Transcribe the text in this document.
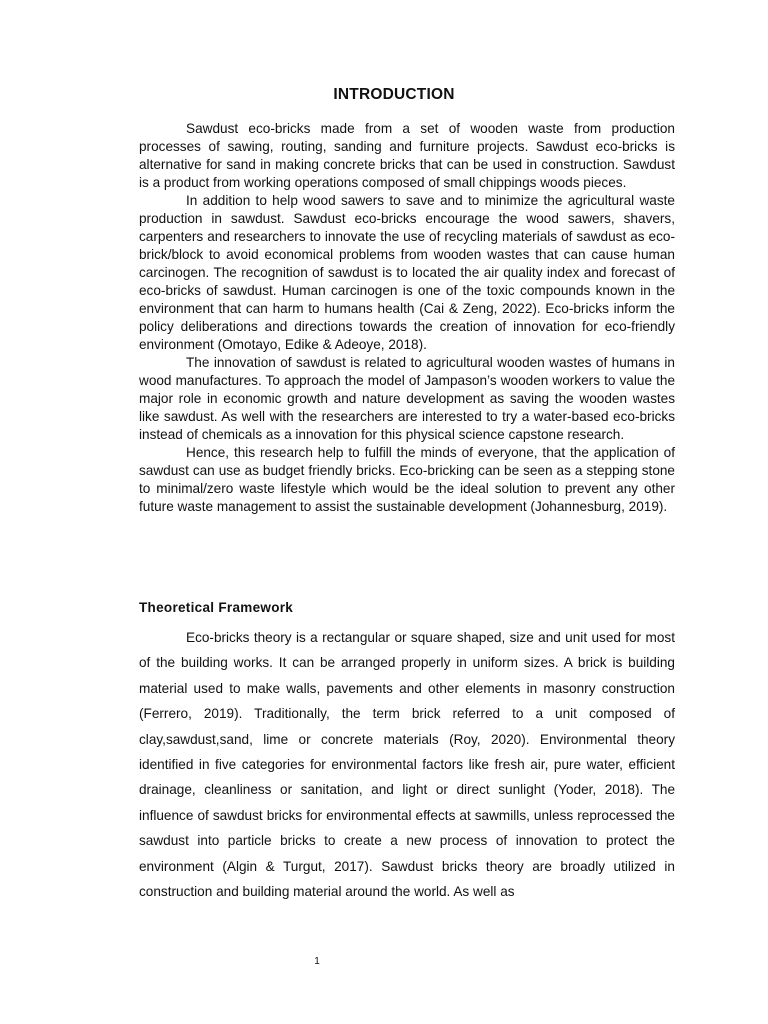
INTRODUCTION

Sawdust eco-bricks made from a set of wooden waste from production processes of sawing, routing, sanding and furniture projects. Sawdust eco-bricks is alternative for sand in making concrete bricks that can be used in construction. Sawdust is a product from working operations composed of small chippings woods pieces.

In addition to help wood sawers to save and to minimize the agricultural waste production in sawdust. Sawdust eco-bricks encourage the wood sawers, shavers, carpenters and researchers to innovate the use of recycling materials of sawdust as eco-brick/block to avoid economical problems from wooden wastes that can cause human carcinogen. The recognition of sawdust is to located the air quality index and forecast of eco-bricks of sawdust. Human carcinogen is one of the toxic compounds known in the environment that can harm to humans health (Cai & Zeng, 2022). Eco-bricks inform the policy deliberations and directions towards the creation of innovation for eco-friendly environment (Omotayo, Edike & Adeoye, 2018).

The innovation of sawdust is related to agricultural wooden wastes of humans in wood manufactures. To approach the model of Jampason’s wooden workers to value the major role in economic growth and nature development as saving the wooden wastes like sawdust. As well with the researchers are interested to try a water-based eco-bricks instead of chemicals as a innovation for this physical science capstone research.

Hence, this research help to fulfill the minds of everyone, that the application of sawdust can use as budget friendly bricks. Eco-bricking can be seen as a stepping stone to minimal/zero waste lifestyle which would be the ideal solution to prevent any other future waste management to assist the sustainable development (Johannesburg, 2019).

Theoretical Framework

Eco-bricks theory is a rectangular or square shaped, size and unit used for most of the building works. It can be arranged properly in uniform sizes. A brick is building material used to make walls, pavements and other elements in masonry construction (Ferrero, 2019). Traditionally, the term brick referred to a unit composed of clay,sawdust,sand, lime or concrete materials (Roy, 2020). Environmental theory identified in five categories for environmental factors like fresh air, pure water, efficient drainage, cleanliness or sanitation, and light or direct sunlight (Yoder, 2018). The influence of sawdust bricks for environmental effects at sawmills, unless reprocessed the sawdust into particle bricks to create a new process of innovation to protect the environment (Algin & Turgut, 2017). Sawdust bricks theory are broadly utilized in construction and building material around the world. As well as

1
